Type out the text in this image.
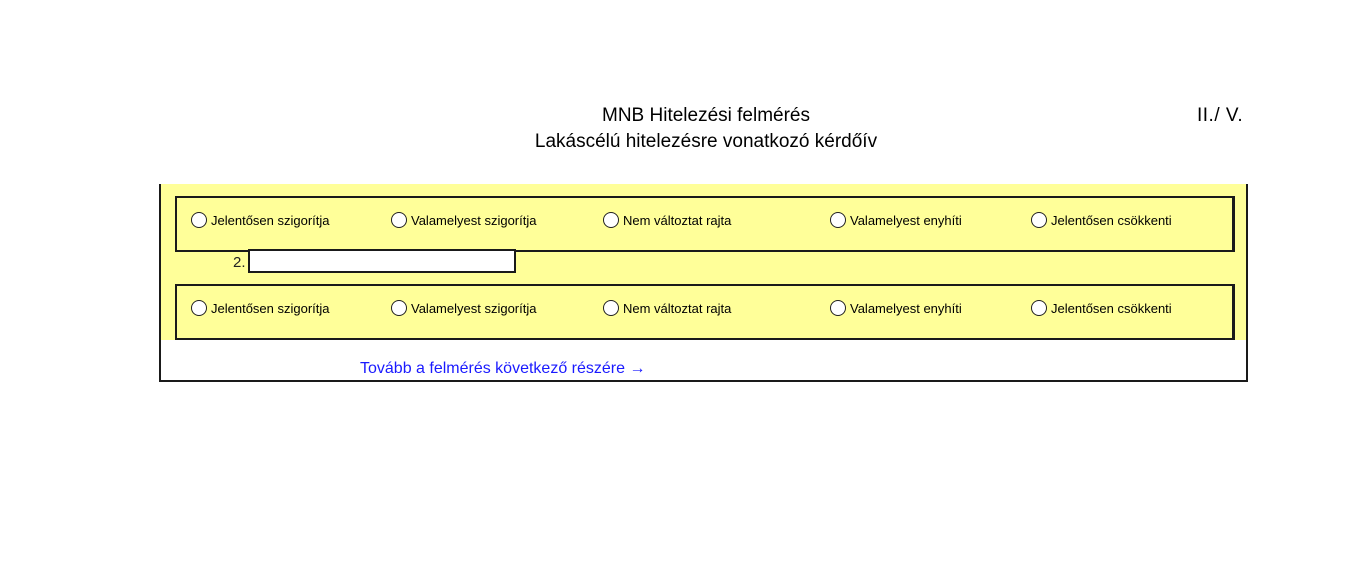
MNB Hitelezési felmérés
Lakáscélú hitelezésre vonatkozó kérdőív
II./ V.
Jelentősen szigorítja	Valamelyest szigorítja	Nem változtat rajta	Valamelyest enyhíti	Jelentősen csökkenti
2.
Jelentősen szigorítja	Valamelyest szigorítja	Nem változtat rajta	Valamelyest enyhíti	Jelentősen csökkenti
Tovább a felmérés következő részére →
